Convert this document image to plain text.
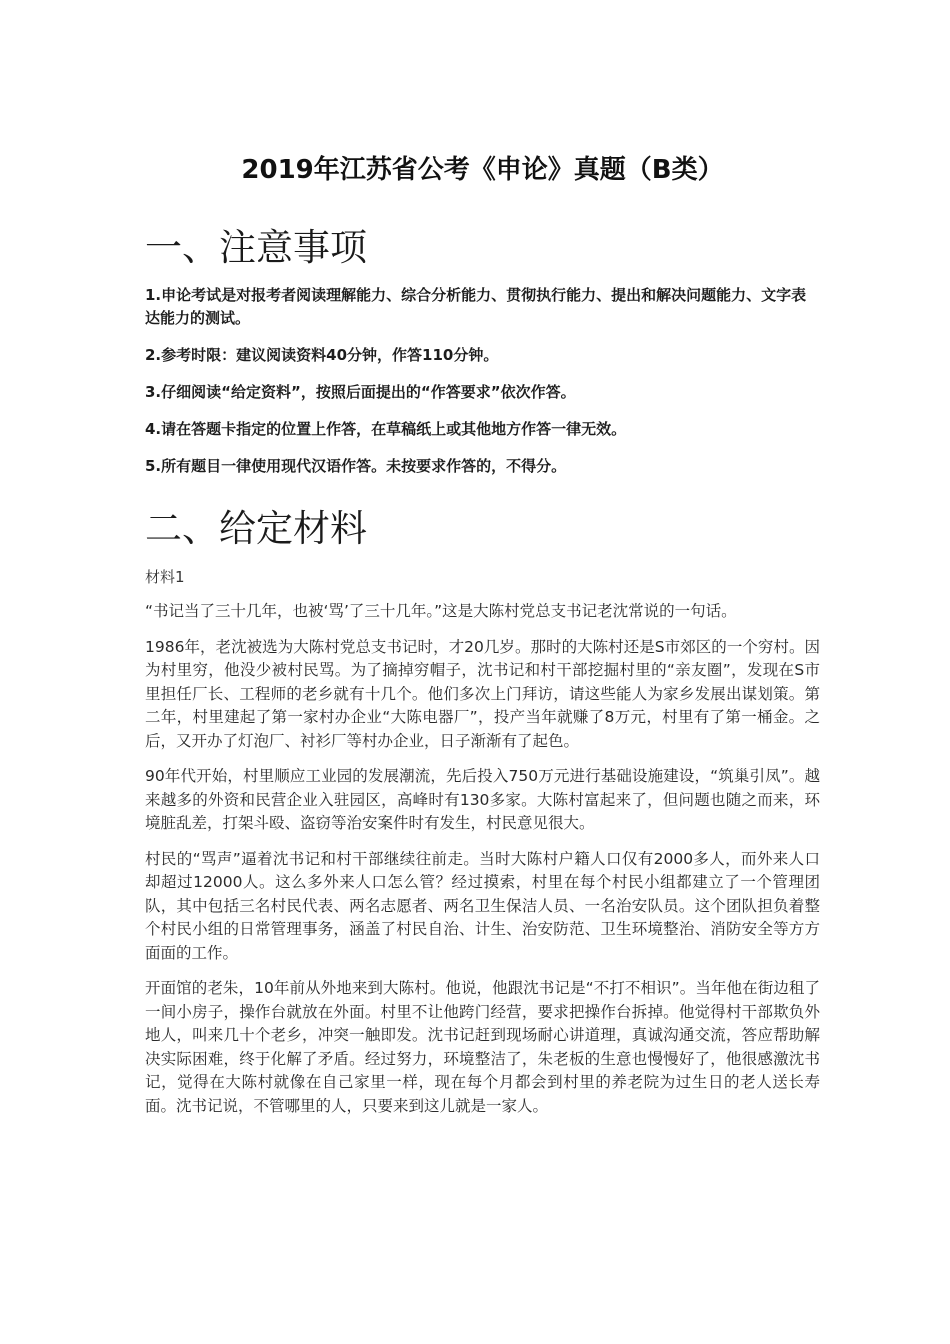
2019年江苏省公考《申论》真题（B类）
一、注意事项
1.申论考试是对报考者阅读理解能力、综合分析能力、贯彻执行能力、提出和解决问题能力、文字表达能力的测试。
2.参考时限：建议阅读资料40分钟，作答110分钟。
3.仔细阅读“给定资料”，按照后面提出的“作答要求”依次作答。
4.请在答题卡指定的位置上作答，在草稿纸上或其他地方作答一律无效。
5.所有题目一律使用现代汉语作答。未按要求作答的，不得分。
二、给定材料

材料1

“书记当了三十几年，也被‘骂’了三十几年。”这是大陈村党总支书记老沈常说的一句话。

1986年，老沈被选为大陈村党总支书记时，才20几岁。那时的大陈村还是S市郊区的一个穷村。因为村里穷，他没少被村民骂。为了摘掉穷帽子，沈书记和村干部挖掘村里的“亲友圈”，发现在S市里担任厂长、工程师的老乡就有十几个。他们多次上门拜访，请这些能人为家乡发展出谋划策。第二年，村里建起了第一家村办企业“大陈电器厂”，投产当年就赚了8万元，村里有了第一桶金。之后，又开办了灯泡厂、衬衫厂等村办企业，日子渐渐有了起色。

90年代开始，村里顺应工业园的发展潮流，先后投入750万元进行基础设施建设，“筑巢引凤”。越来越多的外资和民营企业入驻园区，高峰时有130多家。大陈村富起来了，但问题也随之而来，环境脏乱差，打架斗殴、盗窃等治安案件时有发生，村民意见很大。

村民的“骂声”逼着沈书记和村干部继续往前走。当时大陈村户籍人口仅有2000多人，而外来人口却超过12000人。这么多外来人口怎么管？经过摸索，村里在每个村民小组都建立了一个管理团队，其中包括三名村民代表、两名志愿者、两名卫生保洁人员、一名治安队员。这个团队担负着整个村民小组的日常管理事务，涵盖了村民自治、计生、治安防范、卫生环境整治、消防安全等方方面面的工作。

开面馆的老朱，10年前从外地来到大陈村。他说，他跟沈书记是“不打不相识”。当年他在街边租了一间小房子，操作台就放在外面。村里不让他跨门经营，要求把操作台拆掉。他觉得村干部欺负外地人，叫来几十个老乡，冲突一触即发。沈书记赶到现场耐心讲道理，真诚沟通交流，答应帮助解决实际困难，终于化解了矛盾。经过努力，环境整洁了，朱老板的生意也慢慢好了，他很感激沈书记，觉得在大陈村就像在自己家里一样，现在每个月都会到村里的养老院为过生日的老人送长寿面。沈书记说，不管哪里的人，只要来到这儿就是一家人。
